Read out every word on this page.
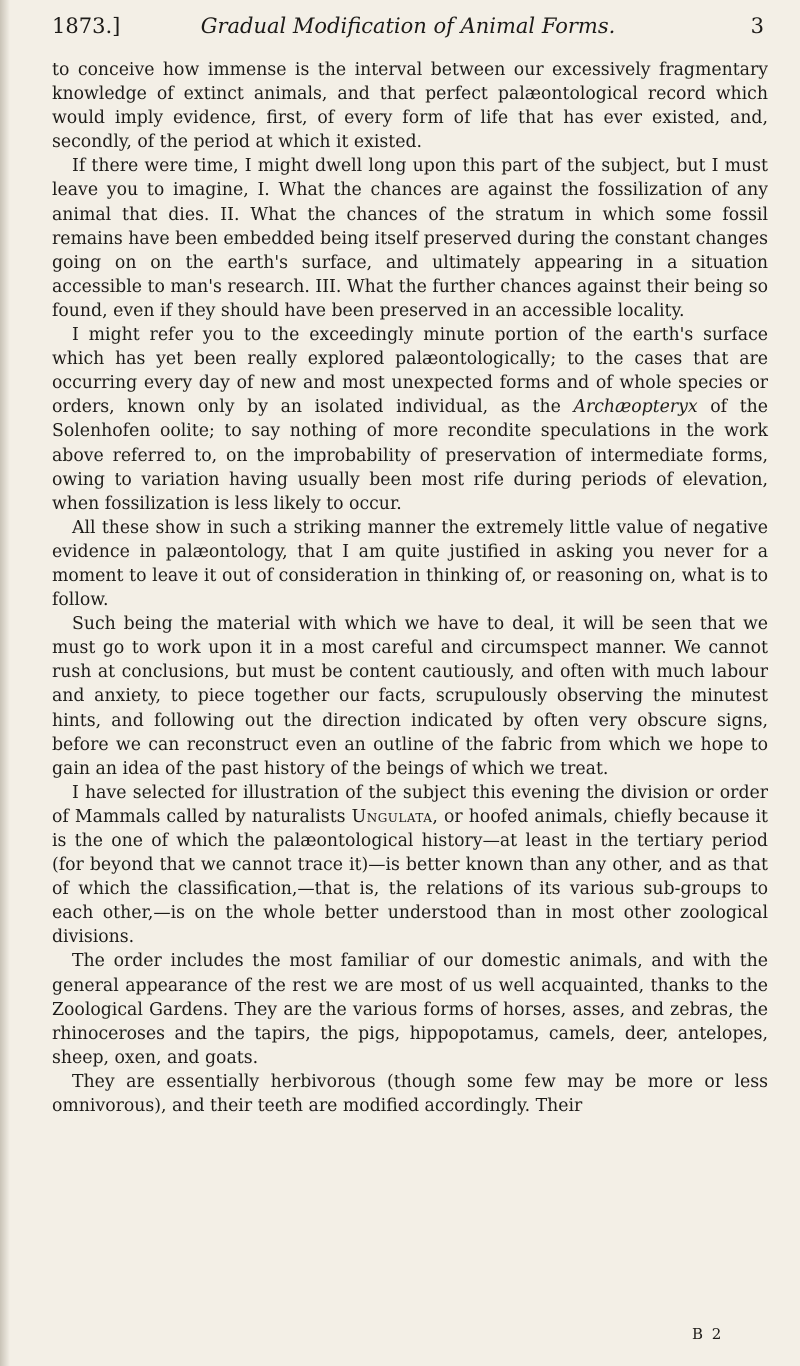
1873.]	Gradual Modification of Animal Forms.	3

to conceive how immense is the interval between our excessively fragmentary knowledge of extinct animals, and that perfect palæontological record which would imply evidence, first, of every form of life that has ever existed, and, secondly, of the period at which it existed.

If there were time, I might dwell long upon this part of the subject, but I must leave you to imagine, I. What the chances are against the fossilization of any animal that dies. II. What the chances of the stratum in which some fossil remains have been embedded being itself preserved during the constant changes going on on the earth's surface, and ultimately appearing in a situation accessible to man's research. III. What the further chances against their being so found, even if they should have been preserved in an accessible locality.

I might refer you to the exceedingly minute portion of the earth's surface which has yet been really explored palæontologically; to the cases that are occurring every day of new and most unexpected forms and of whole species or orders, known only by an isolated individual, as the Archæopteryx of the Solenhofen oolite; to say nothing of more recondite speculations in the work above referred to, on the improbability of preservation of intermediate forms, owing to variation having usually been most rife during periods of elevation, when fossilization is less likely to occur.

All these show in such a striking manner the extremely little value of negative evidence in palæontology, that I am quite justified in asking you never for a moment to leave it out of consideration in thinking of, or reasoning on, what is to follow.

Such being the material with which we have to deal, it will be seen that we must go to work upon it in a most careful and circumspect manner. We cannot rush at conclusions, but must be content cautiously, and often with much labour and anxiety, to piece together our facts, scrupulously observing the minutest hints, and following out the direction indicated by often very obscure signs, before we can reconstruct even an outline of the fabric from which we hope to gain an idea of the past history of the beings of which we treat.

I have selected for illustration of the subject this evening the division or order of Mammals called by naturalists Ungulata, or hoofed animals, chiefly because it is the one of which the palæontological history—at least in the tertiary period (for beyond that we cannot trace it)—is better known than any other, and as that of which the classification,—that is, the relations of its various sub-groups to each other,—is on the whole better understood than in most other zoological divisions.

The order includes the most familiar of our domestic animals, and with the general appearance of the rest we are most of us well acquainted, thanks to the Zoological Gardens. They are the various forms of horses, asses, and zebras, the rhinoceroses and the tapirs, the pigs, hippopotamus, camels, deer, antelopes, sheep, oxen, and goats.

They are essentially herbivorous (though some few may be more or less omnivorous), and their teeth are modified accordingly. Their

B 2
